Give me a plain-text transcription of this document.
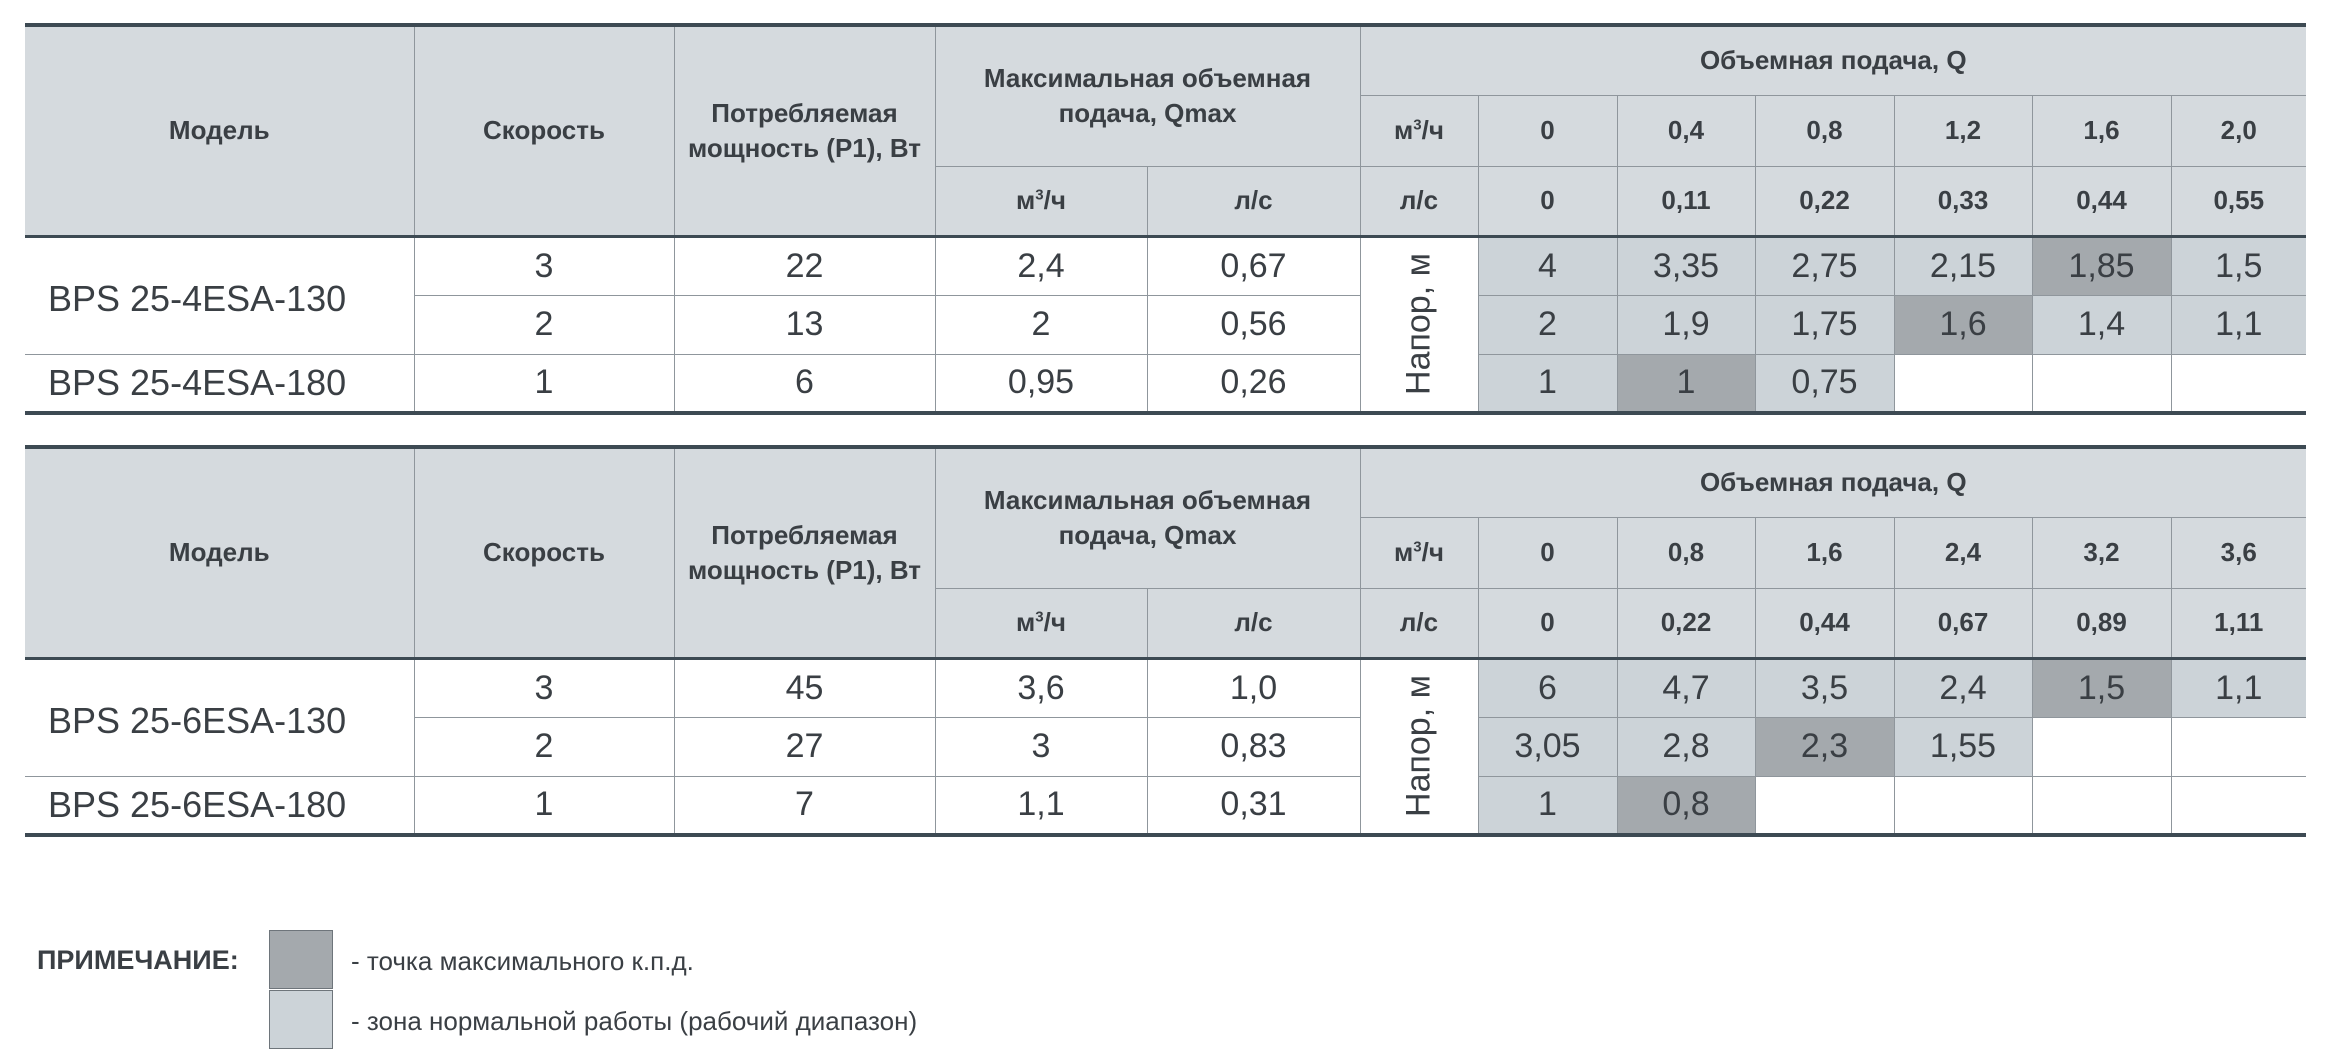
Модель	Скорость	Потребляемая мощность (P1), Вт	Максимальная объемная подача, Qmax		Объемная подача, Q						
					$м^3/ч$	0	0,4	0,8	1,2	1,6	2,0
			$м^3/ч$	л/с	л/с	0	0,11	0,22	0,33	0,44	0,55
BPS 25-4ESA-130	3	22	2,4	0,67	Напор, м	4	3,35	2,75	2,15	1,85	1,5
	2	13	2	0,56		2	1,9	1,75	1,6	1,4	1,1
BPS 25-4ESA-180	1	6	0,95	0,26		1	1	0,75			
Модель	Скорость	Потребляемая мощность (P1), Вт	Максимальная объемная подача, Qmax		Объемная подача, Q						
					$м^3/ч$	0	0,8	1,6	2,4	3,2	3,6
			$м^3/ч$	л/с	л/с	0	0,22	0,44	0,67	0,89	1,11
BPS 25-6ESA-130	3	45	3,6	1,0	Напор, м	6	4,7	3,5	2,4	1,5	1,1
	2	27	3	0,83		3,05	2,8	2,3	1,55		
BPS 25-6ESA-180	1	7	1,1	0,31		1	0,8				
ПРИМЕЧАНИЕ:	- точка максимального к.п.д.
- зона нормальной работы (рабочий диапазон)
